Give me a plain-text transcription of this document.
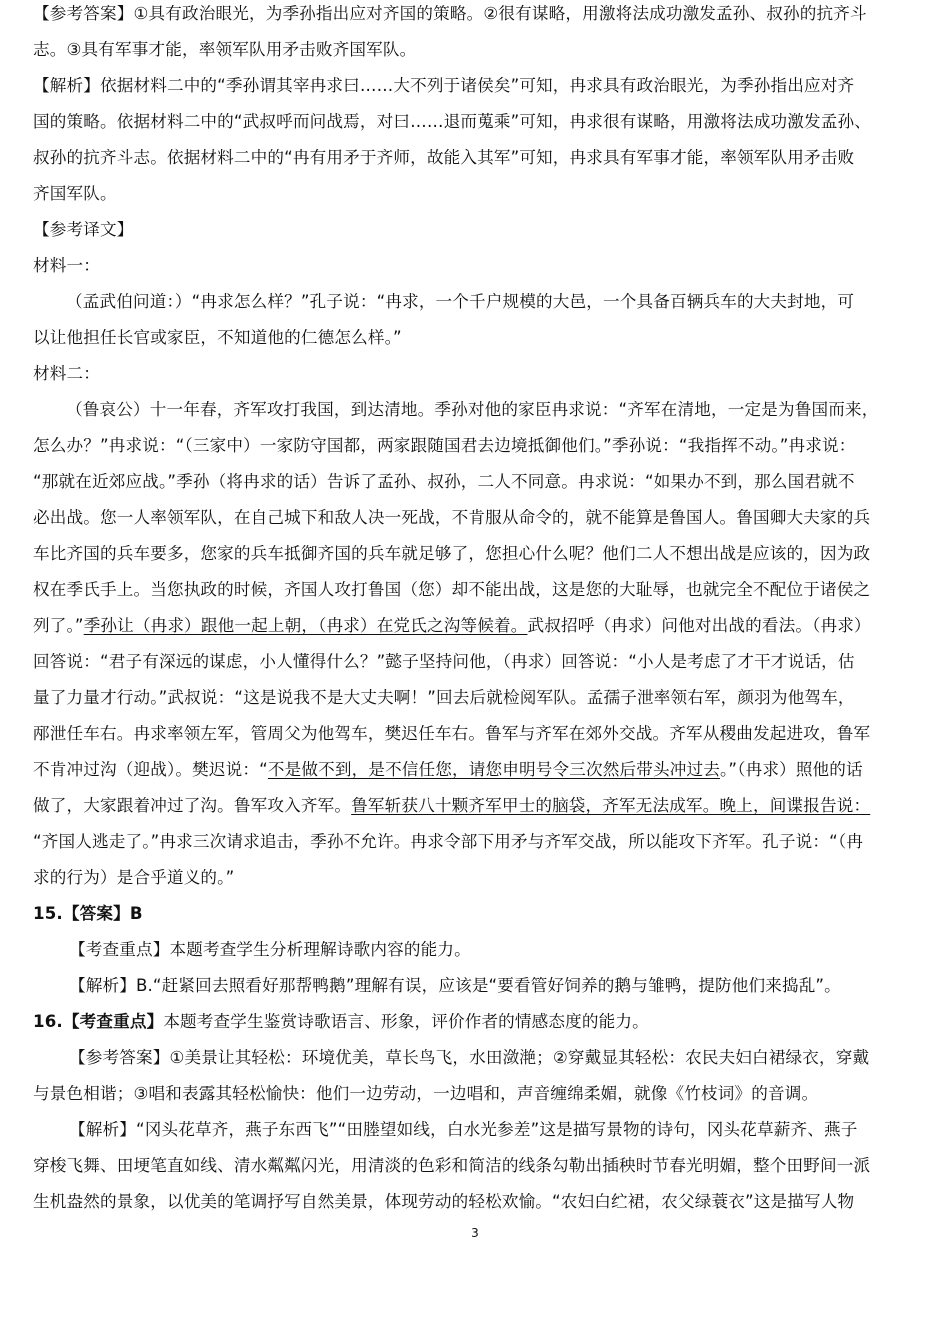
【参考答案】①具有政治眼光，为季孙指出应对齐国的策略。②很有谋略，用激将法成功激发孟孙、叔孙的抗齐斗
志。③具有军事才能，率领军队用矛击败齐国军队。
【解析】依据材料二中的“季孙谓其宰冉求曰……大不列于诸侯矣”可知，冉求具有政治眼光，为季孙指出应对齐
国的策略。依据材料二中的“武叔呼而问战焉，对曰……退而蒐乘”可知，冉求很有谋略，用激将法成功激发孟孙、
叔孙的抗齐斗志。依据材料二中的“冉有用矛于齐师，故能入其军”可知，冉求具有军事才能，率领军队用矛击败
齐国军队。
【参考译文】
材料一：
（孟武伯问道：）“冉求怎么样？”孔子说：“冉求，一个千户规模的大邑，一个具备百辆兵车的大夫封地，可
以让他担任长官或家臣，不知道他的仁德怎么样。”
材料二：
（鲁哀公）十一年春，齐军攻打我国，到达清地。季孙对他的家臣冉求说：“齐军在清地，一定是为鲁国而来，
怎么办？”冉求说：“（三家中）一家防守国都，两家跟随国君去边境抵御他们。”季孙说：“我指挥不动。”冉求说：
“那就在近郊应战。”季孙（将冉求的话）告诉了孟孙、叔孙，二人不同意。冉求说：“如果办不到，那么国君就不
必出战。您一人率领军队，在自己城下和敌人决一死战，不肯服从命令的，就不能算是鲁国人。鲁国卿大夫家的兵
车比齐国的兵车要多，您家的兵车抵御齐国的兵车就足够了，您担心什么呢？他们二人不想出战是应该的，因为政
权在季氏手上。当您执政的时候，齐国人攻打鲁国（您）却不能出战，这是您的大耻辱，也就完全不配位于诸侯之
列了。”季孙让（冉求）跟他一起上朝，（冉求）在党氏之沟等候着。武叔招呼（冉求）问他对出战的看法。（冉求）
回答说：“君子有深远的谋虑，小人懂得什么？”懿子坚持问他，（冉求）回答说：“小人是考虑了才干才说话，估
量了力量才行动。”武叔说：“这是说我不是大丈夫啊！”回去后就检阅军队。孟孺子泄率领右军，颜羽为他驾车，
邴泄任车右。冉求率领左军，管周父为他驾车，樊迟任车右。鲁军与齐军在郊外交战。齐军从稷曲发起进攻，鲁军
不肯冲过沟（迎战）。樊迟说：“不是做不到，是不信任您，请您申明号令三次然后带头冲过去。”（冉求）照他的话
做了，大家跟着冲过了沟。鲁军攻入齐军。鲁军斩获八十颗齐军甲士的脑袋，齐军无法成军。晚上，间谍报告说：
“齐国人逃走了。”冉求三次请求追击，季孙不允许。冉求令部下用矛与齐军交战，所以能攻下齐军。孔子说：“（冉
求的行为）是合乎道义的。”
15.【答案】B
【考查重点】本题考查学生分析理解诗歌内容的能力。
【解析】B.“赶紧回去照看好那帮鸭鹅”理解有误，应该是“要看管好饲养的鹅与雏鸭，提防他们来捣乱”。
16.【考查重点】本题考查学生鉴赏诗歌语言、形象，评价作者的情感态度的能力。
【参考答案】①美景让其轻松：环境优美，草长鸟飞，水田潋滟；②穿戴显其轻松：农民夫妇白裙绿衣，穿戴
与景色相谐；③唱和表露其轻松愉快：他们一边劳动，一边唱和，声音缠绵柔媚，就像《竹枝词》的音调。
【解析】“冈头花草齐，燕子东西飞”“田塍望如线，白水光参差”这是描写景物的诗句，冈头花草薪齐、燕子
穿梭飞舞、田埂笔直如线、清水粼粼闪光，用清淡的色彩和简洁的线条勾勒出插秧时节春光明媚，整个田野间一派
生机盎然的景象，以优美的笔调抒写自然美景，体现劳动的轻松欢愉。“农妇白纻裙，农父绿蓑衣”这是描写人物
3
